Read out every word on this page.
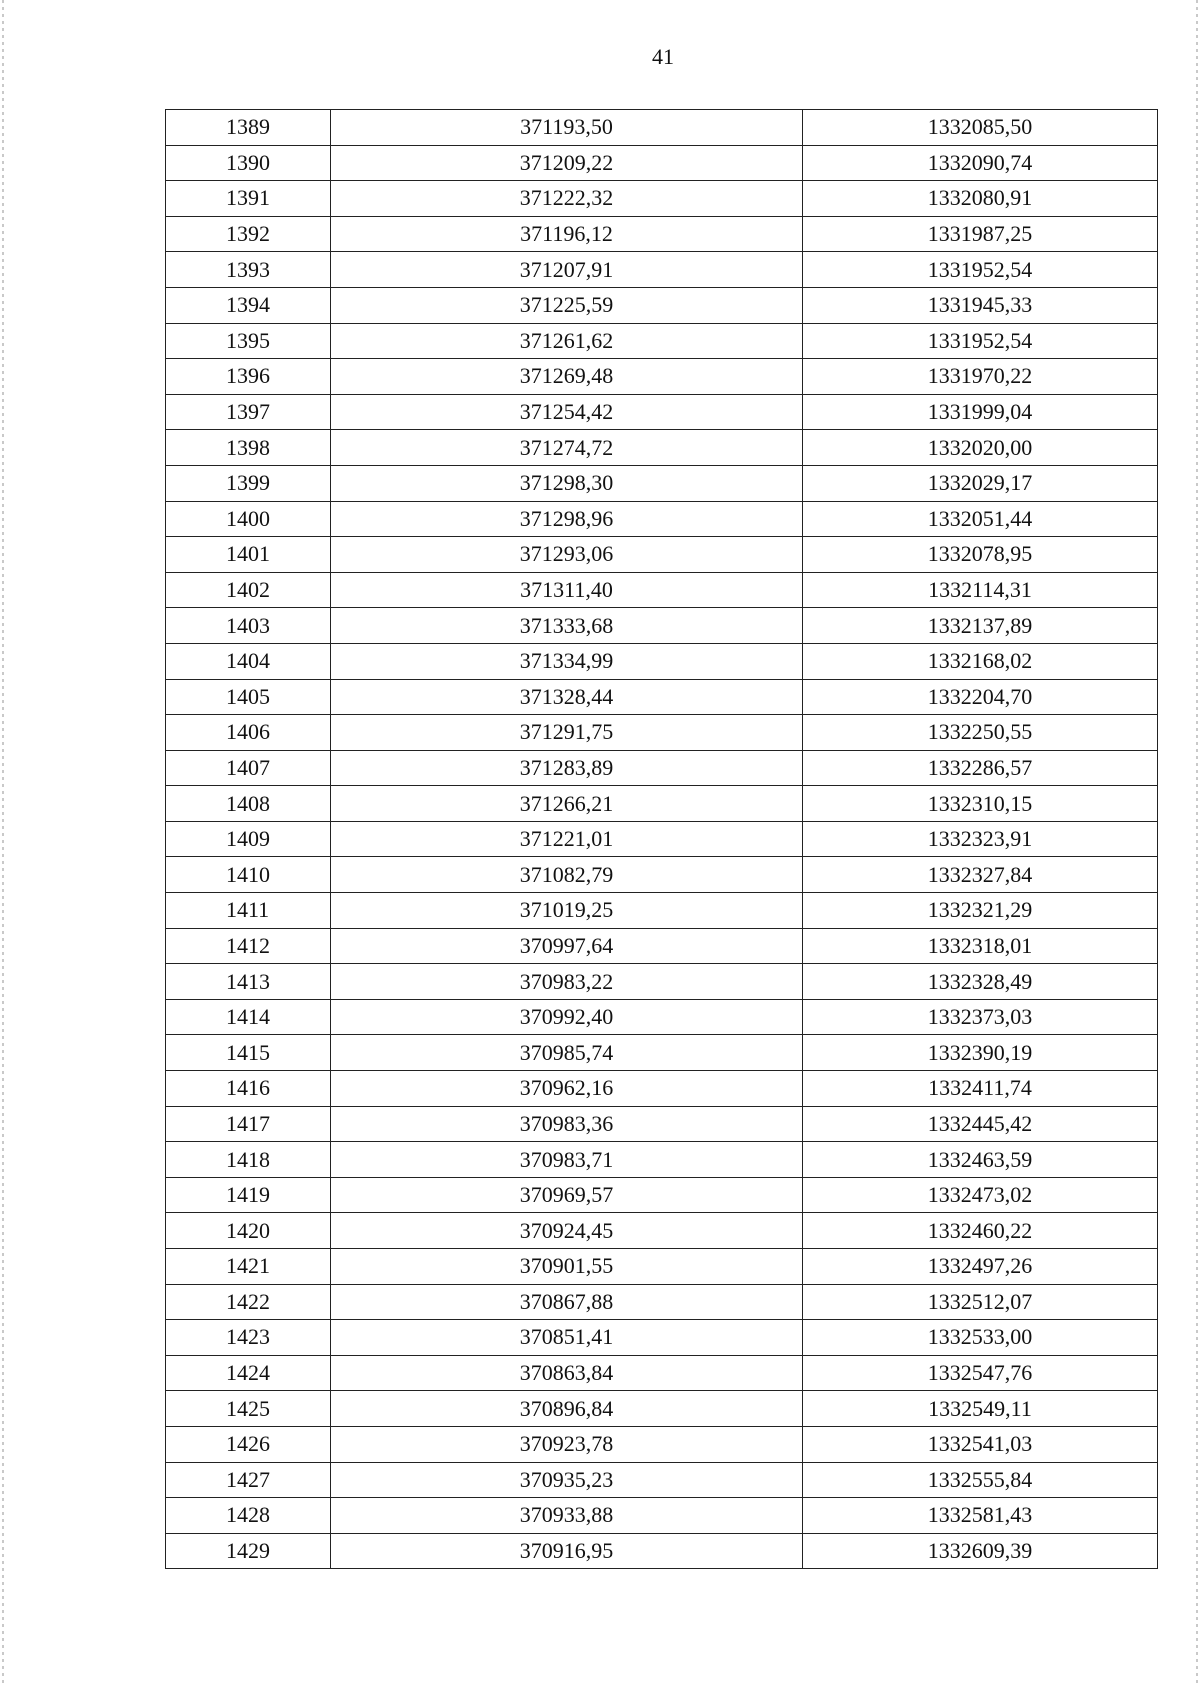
41
1389	371193,50	1332085,50
1390	371209,22	1332090,74
1391	371222,32	1332080,91
1392	371196,12	1331987,25
1393	371207,91	1331952,54
1394	371225,59	1331945,33
1395	371261,62	1331952,54
1396	371269,48	1331970,22
1397	371254,42	1331999,04
1398	371274,72	1332020,00
1399	371298,30	1332029,17
1400	371298,96	1332051,44
1401	371293,06	1332078,95
1402	371311,40	1332114,31
1403	371333,68	1332137,89
1404	371334,99	1332168,02
1405	371328,44	1332204,70
1406	371291,75	1332250,55
1407	371283,89	1332286,57
1408	371266,21	1332310,15
1409	371221,01	1332323,91
1410	371082,79	1332327,84
1411	371019,25	1332321,29
1412	370997,64	1332318,01
1413	370983,22	1332328,49
1414	370992,40	1332373,03
1415	370985,74	1332390,19
1416	370962,16	1332411,74
1417	370983,36	1332445,42
1418	370983,71	1332463,59
1419	370969,57	1332473,02
1420	370924,45	1332460,22
1421	370901,55	1332497,26
1422	370867,88	1332512,07
1423	370851,41	1332533,00
1424	370863,84	1332547,76
1425	370896,84	1332549,11
1426	370923,78	1332541,03
1427	370935,23	1332555,84
1428	370933,88	1332581,43
1429	370916,95	1332609,39
